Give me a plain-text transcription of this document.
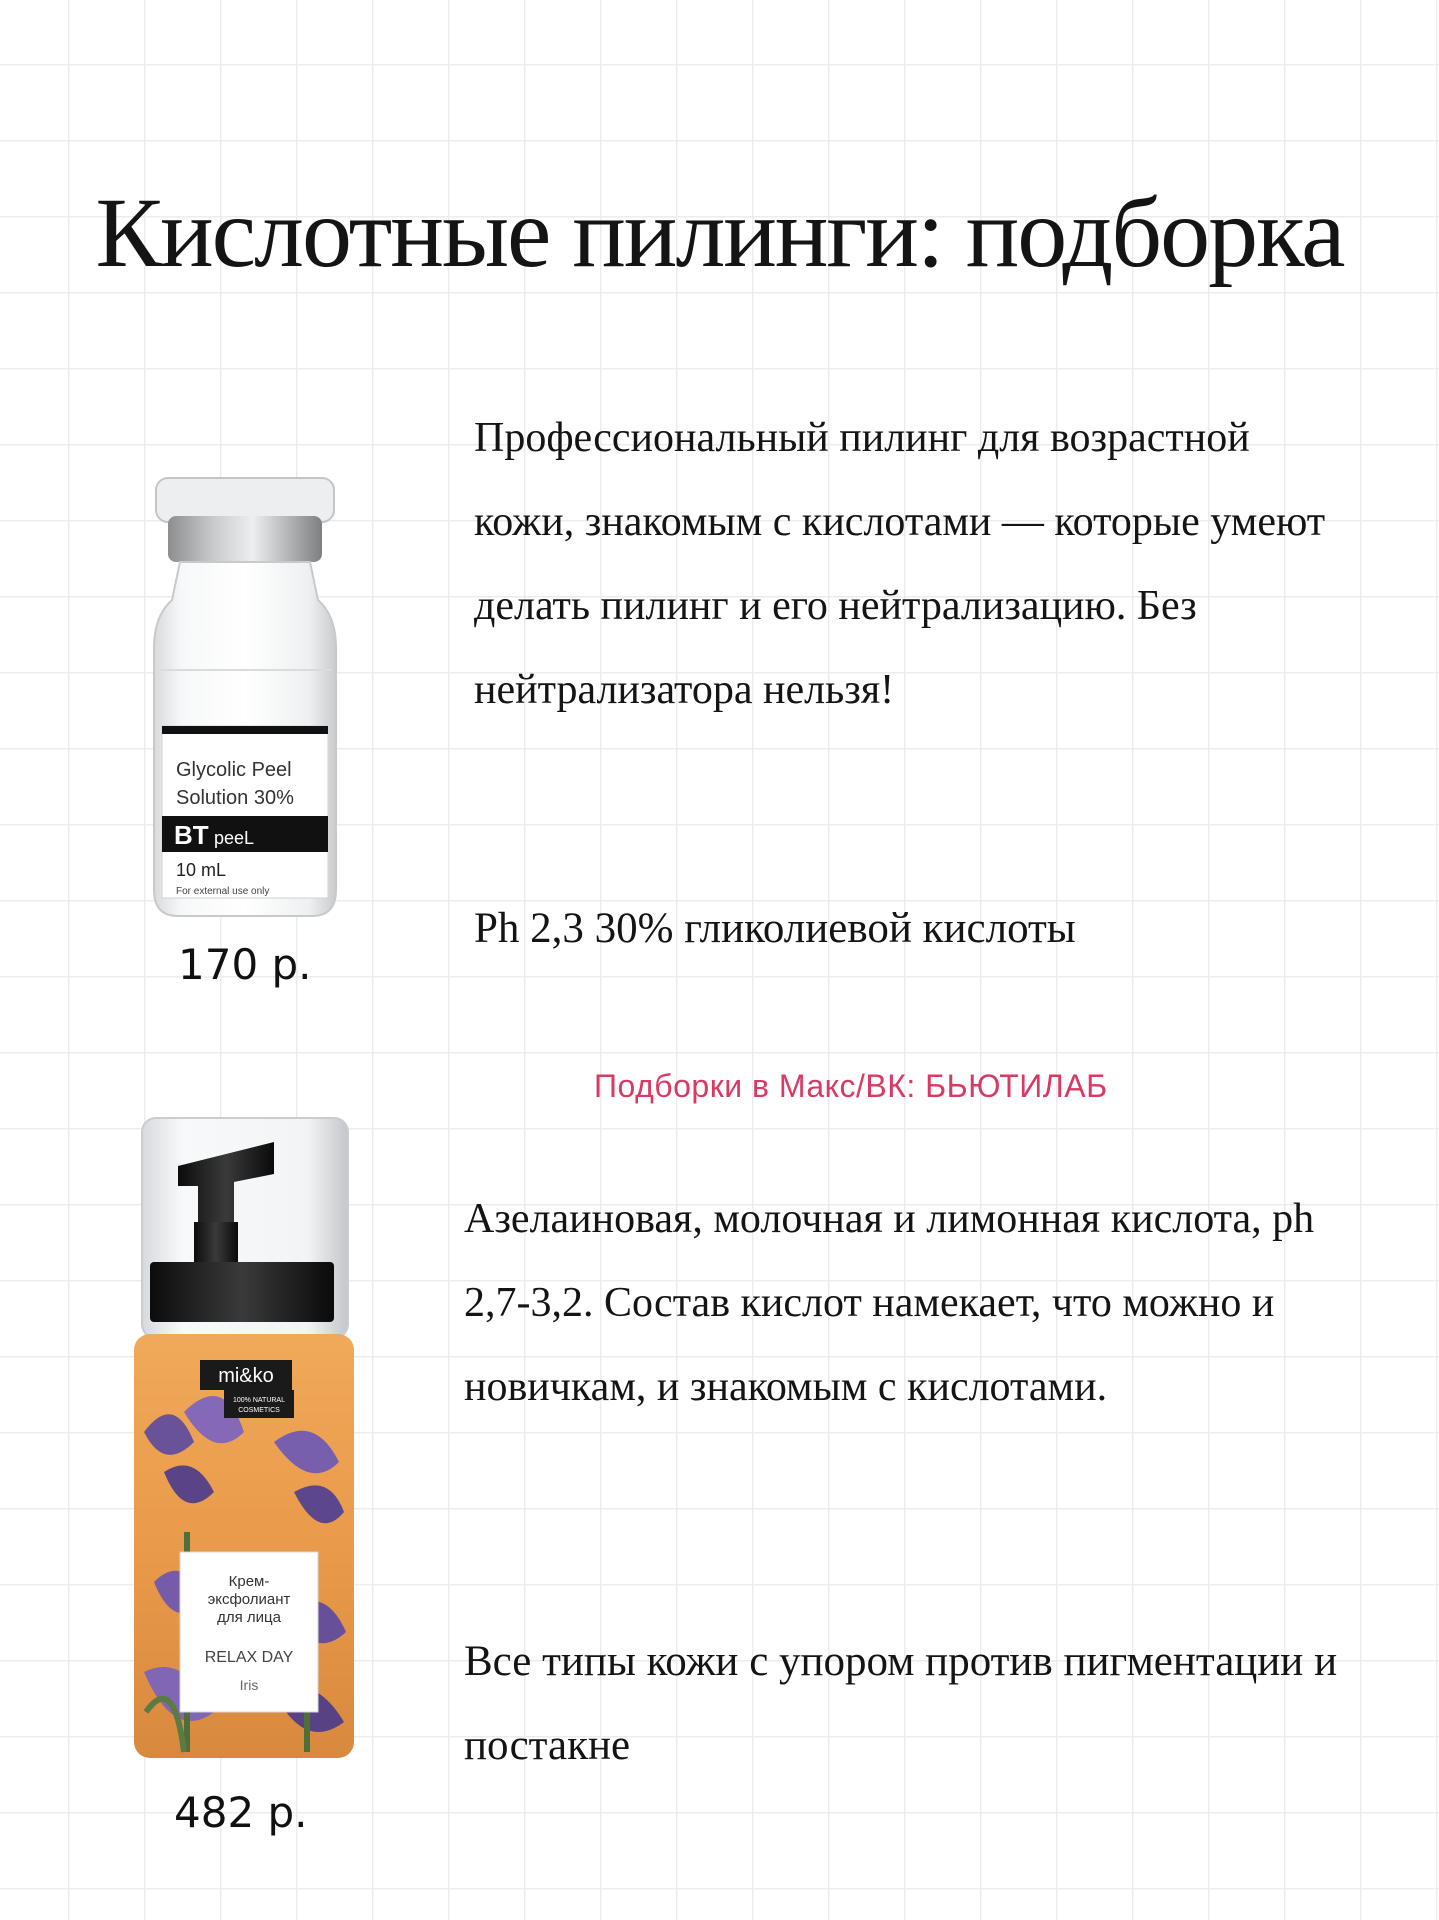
Кислотные пилинги: подборка
Glycolic Peel
Solution 30%
BT peeL
10 mL
For external use only
170 р.
Профессиональный пилинг для возрастной кожи, знакомым с кислотами — которые умеют делать пилинг и его нейтрализацию. Без нейтрализатора нельзя!
Ph 2,3 30% гликолиевой кислоты
Подборки в Макс/ВК: БЬЮТИЛАБ
mi&ko
100% NATURAL
COSMETICS
Крем-
эксфолиант
для лица
RELAX DAY
Iris
482 р.
Азелаиновая, молочная и лимонная кислота, ph 2,7-3,2. Состав кислот намекает, что можно и новичкам, и знакомым с кислотами.
Все типы кожи с упором против пигментации и постакне
